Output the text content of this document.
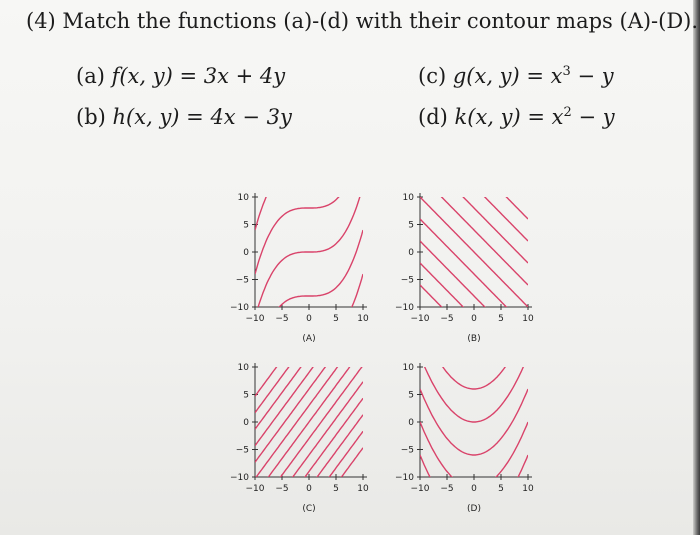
(4) Match the functions (a)-(d) with their contour maps (A)-(D).
(a) f(x, y) = 3x + 4y
(b) h(x, y) = 4x − 3y
(c) g(x, $y) = x^3 - y$
(d) k(x, $y) = x^2 - y$
−10 −5 0 5 10
10
5
0
−5
−10
(A)
−10 −5 0 5 10
10
5
0
−5
−10
(B)
−10 −5 0 5 10
10
5
0
−5
−10
(C)
−10 −5 0 5 10
10
5
0
−5
−10
(D)
